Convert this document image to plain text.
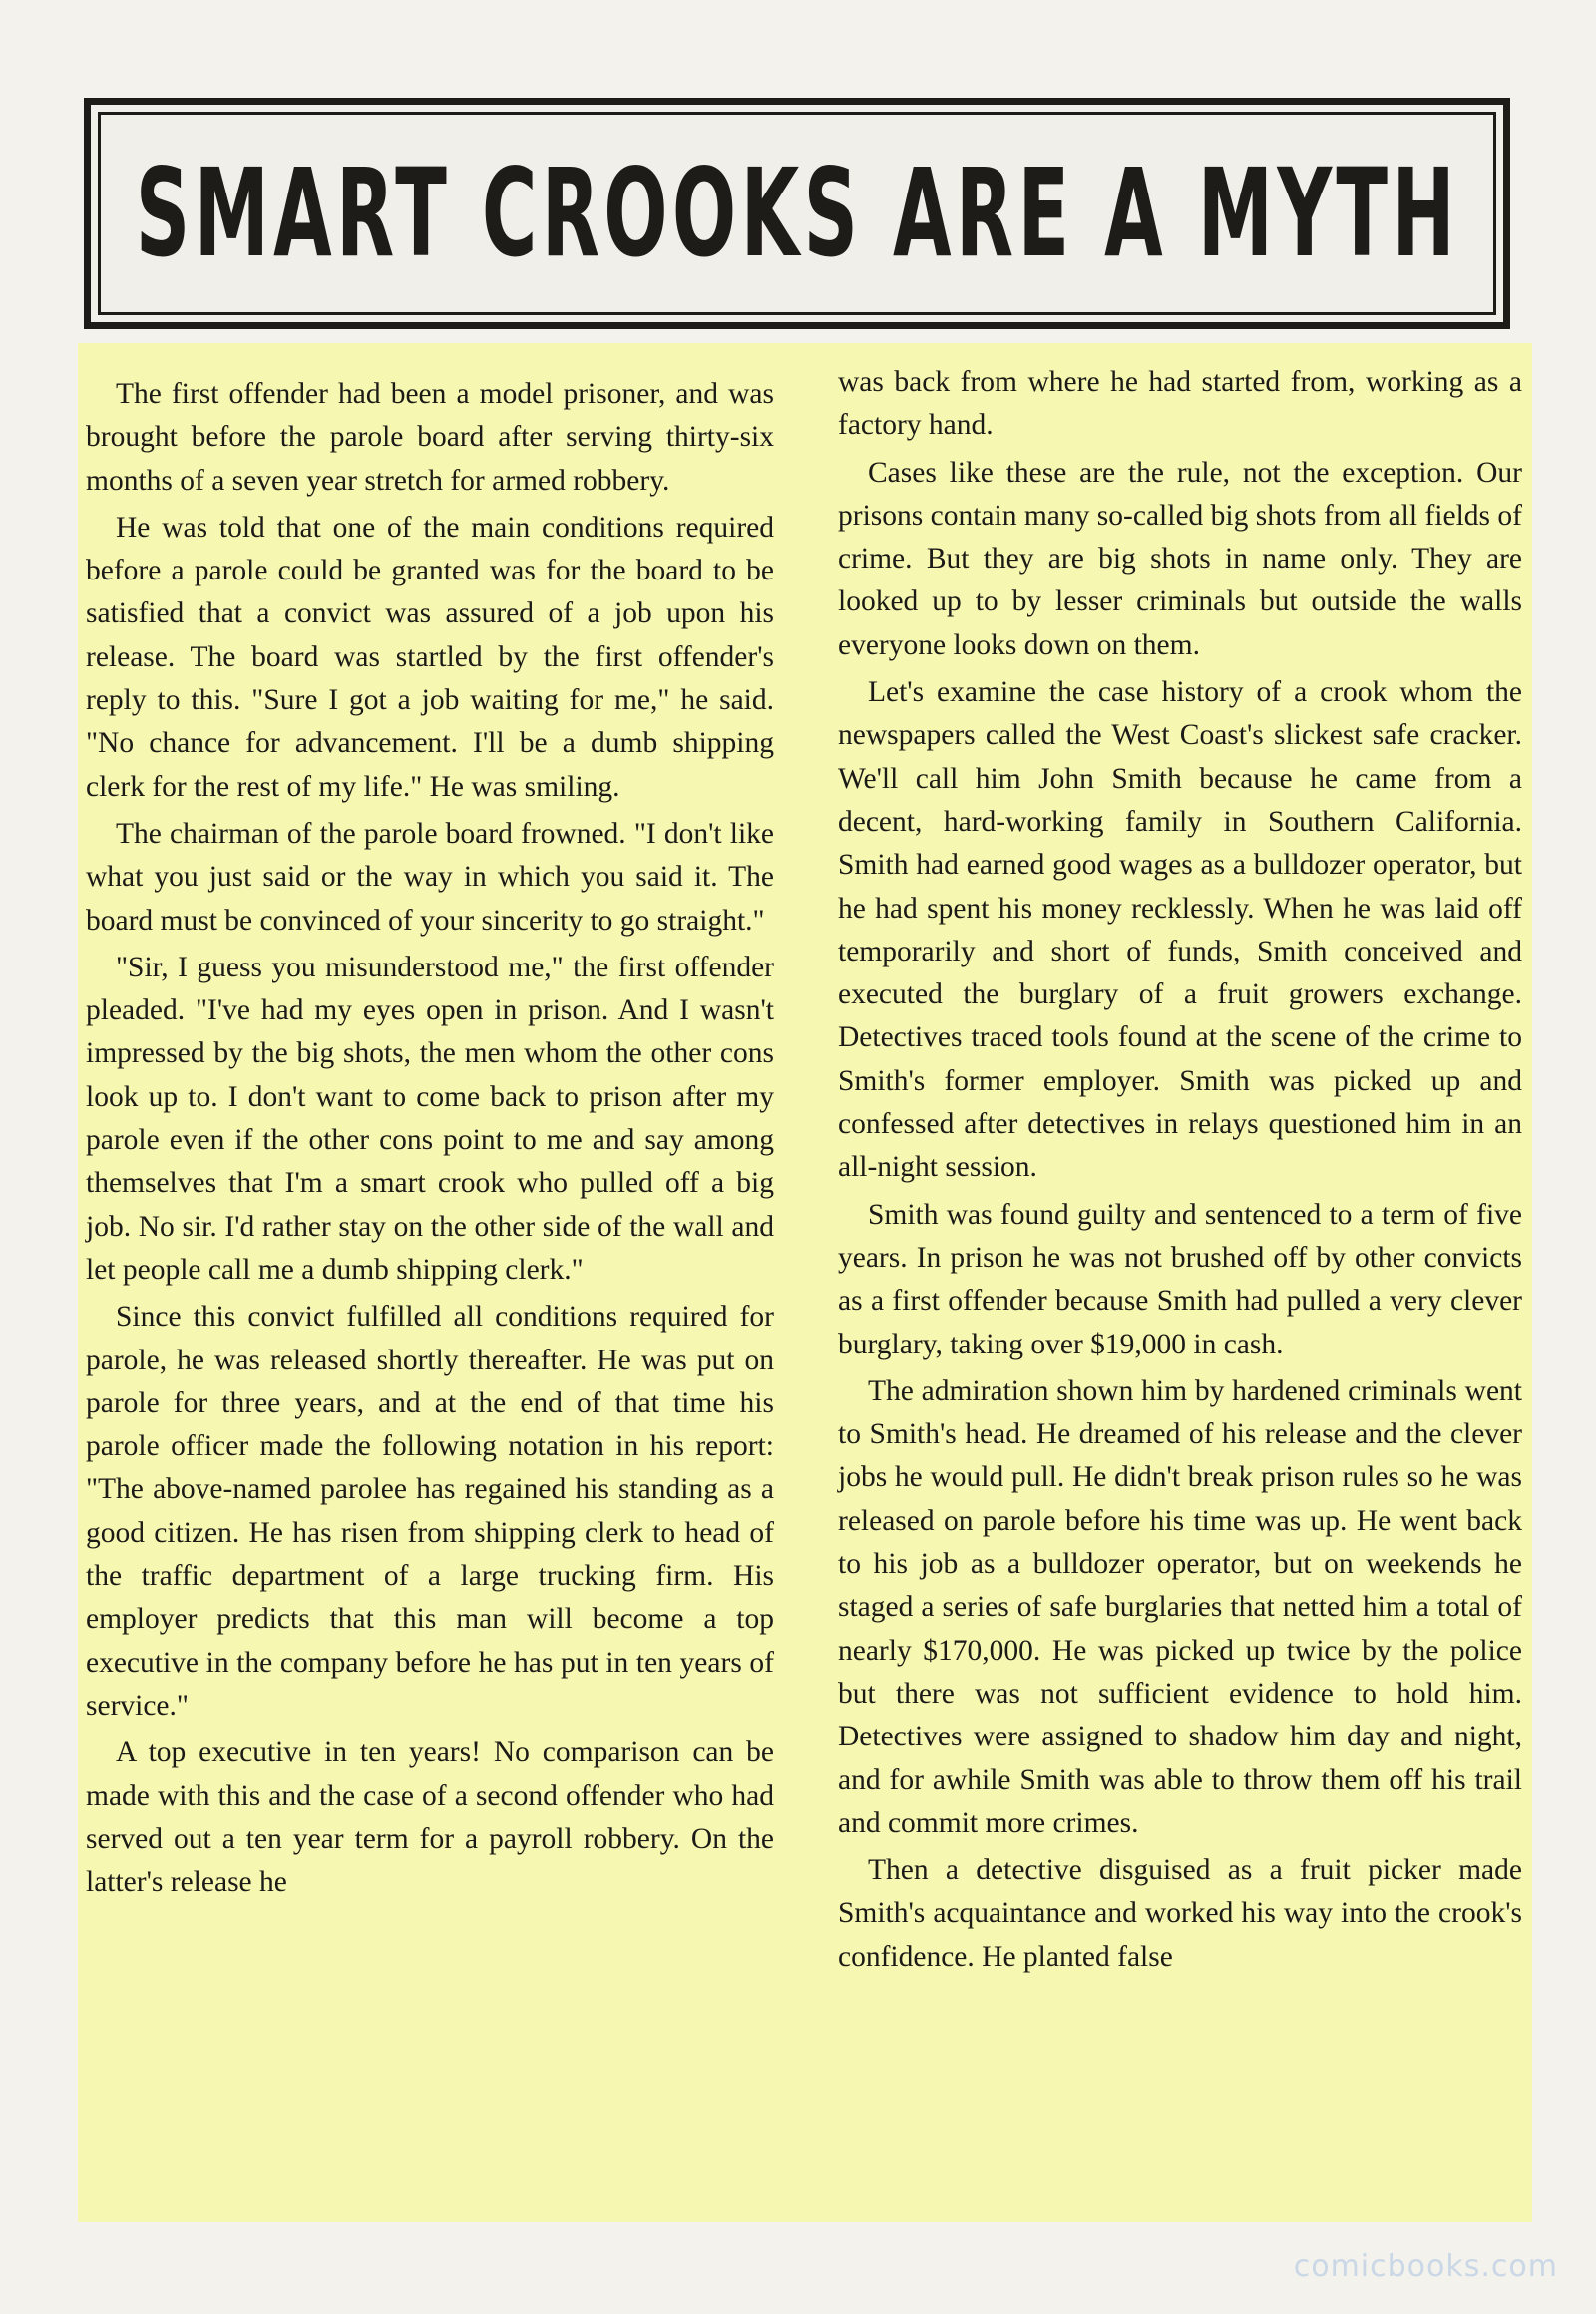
SMART CROOKS ARE A MYTH

The first offender had been a model prisoner, and was brought before the parole board after serving thirty-six months of a seven year stretch for armed robbery.

He was told that one of the main conditions required before a parole could be granted was for the board to be satisfied that a convict was assured of a job upon his release. The board was startled by the first offender's reply to this. "Sure I got a job waiting for me," he said. "No chance for advancement. I'll be a dumb shipping clerk for the rest of my life." He was smiling.

The chairman of the parole board frowned. "I don't like what you just said or the way in which you said it. The board must be convinced of your sincerity to go straight."

"Sir, I guess you misunderstood me," the first offender pleaded. "I've had my eyes open in prison. And I wasn't impressed by the big shots, the men whom the other cons look up to. I don't want to come back to prison after my parole even if the other cons point to me and say among themselves that I'm a smart crook who pulled off a big job. No sir. I'd rather stay on the other side of the wall and let people call me a dumb shipping clerk."

Since this convict fulfilled all conditions required for parole, he was released shortly thereafter. He was put on parole for three years, and at the end of that time his parole officer made the following notation in his report: "The above-named parolee has regained his standing as a good citizen. He has risen from shipping clerk to head of the traffic department of a large trucking firm. His employer predicts that this man will become a top executive in the company before he has put in ten years of service."

A top executive in ten years! No comparison can be made with this and the case of a second offender who had served out a ten year term for a payroll robbery. On the latter's release he

was back from where he had started from, working as a factory hand.

Cases like these are the rule, not the exception. Our prisons contain many so-called big shots from all fields of crime. But they are big shots in name only. They are looked up to by lesser criminals but outside the walls everyone looks down on them.

Let's examine the case history of a crook whom the newspapers called the West Coast's slickest safe cracker. We'll call him John Smith because he came from a decent, hard-working family in Southern California. Smith had earned good wages as a bulldozer operator, but he had spent his money recklessly. When he was laid off temporarily and short of funds, Smith conceived and executed the burglary of a fruit growers exchange. Detectives traced tools found at the scene of the crime to Smith's former employer. Smith was picked up and confessed after detectives in relays questioned him in an all-night session.

Smith was found guilty and sentenced to a term of five years. In prison he was not brushed off by other convicts as a first offender because Smith had pulled a very clever burglary, taking over $19,000 in cash.

The admiration shown him by hardened criminals went to Smith's head. He dreamed of his release and the clever jobs he would pull. He didn't break prison rules so he was released on parole before his time was up. He went back to his job as a bulldozer operator, but on weekends he staged a series of safe burglaries that netted him a total of nearly $170,000. He was picked up twice by the police but there was not sufficient evidence to hold him. Detectives were assigned to shadow him day and night, and for awhile Smith was able to throw them off his trail and commit more crimes.

Then a detective disguised as a fruit picker made Smith's acquaintance and worked his way into the crook's confidence. He planted false

comicbooks.com
